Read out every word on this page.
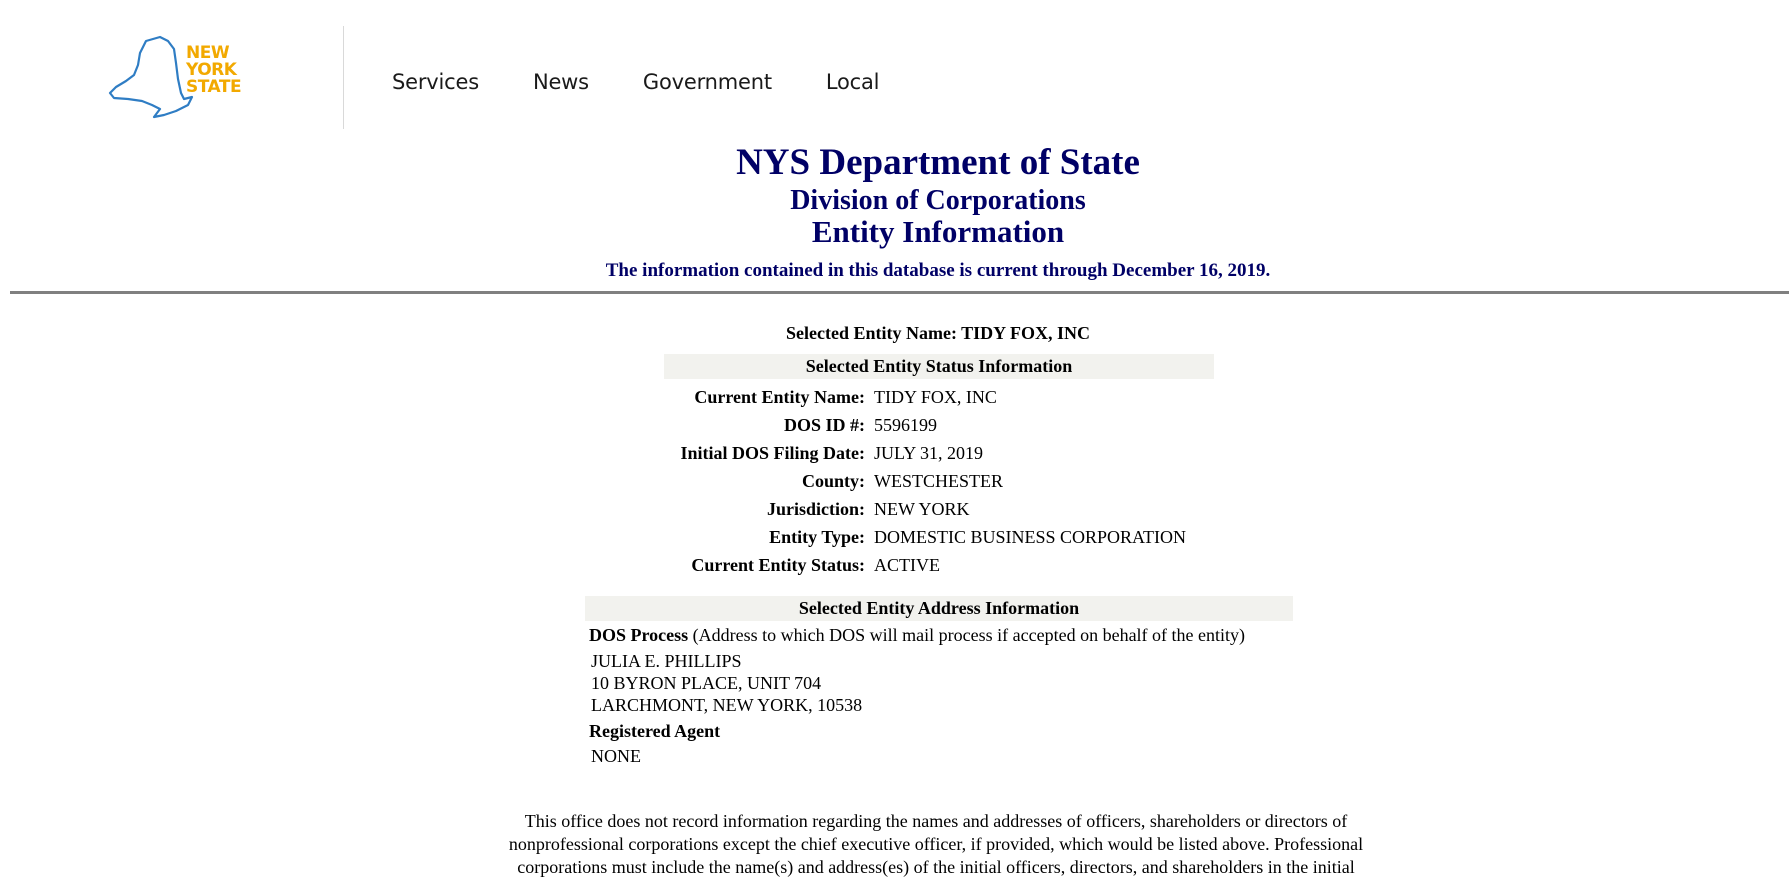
NEW
YORK
STATE	Services	News	Government	Local
NYS Department of State
Division of Corporations
Entity Information
The information contained in this database is current through December 16, 2019.
Selected Entity Name: TIDY FOX, INC
Selected Entity Status Information
Current Entity Name:	TIDY FOX, INC
DOS ID #:	5596199
Initial DOS Filing Date:	JULY 31, 2019
County:	WESTCHESTER
Jurisdiction:	NEW YORK
Entity Type:	DOMESTIC BUSINESS CORPORATION
Current Entity Status:	ACTIVE
Selected Entity Address Information
DOS Process (Address to which DOS will mail process if accepted on behalf of the entity)
JULIA E. PHILLIPS
10 BYRON PLACE, UNIT 704
LARCHMONT, NEW YORK, 10538
Registered Agent
NONE
This office does not record information regarding the names and addresses of officers, shareholders or directors of nonprofessional corporations except the chief executive officer, if provided, which would be listed above. Professional corporations must include the name(s) and address(es) of the initial officers, directors, and shareholders in the initial
